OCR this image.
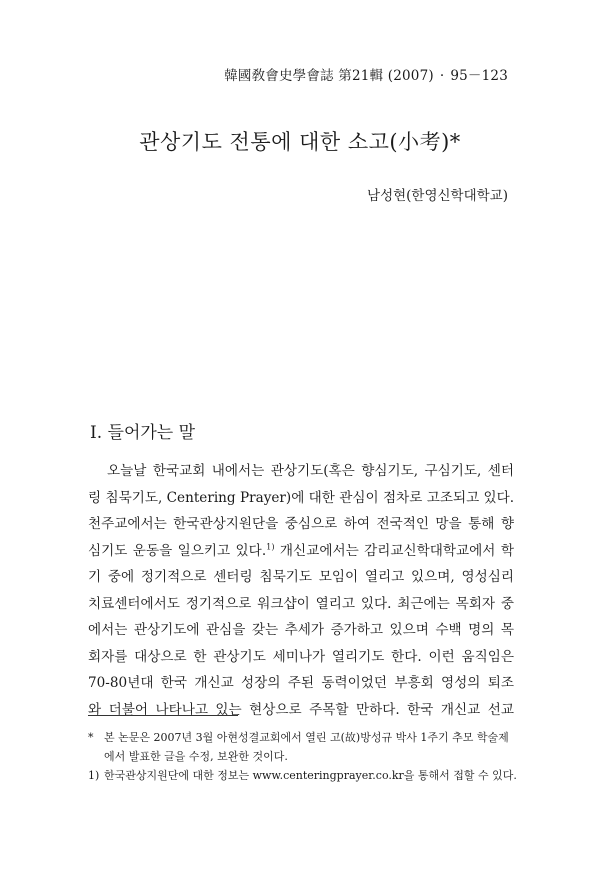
韓國敎會史學會誌 第21輯 (2007) · 95－123
관상기도 전통에 대한 소고(小考)*
남성현(한영신학대학교)
I. 들어가는 말
오늘날 한국교회 내에서는 관상기도(혹은 향심기도, 구심기도, 센터
링 침묵기도, Centering Prayer)에 대한 관심이 점차로 고조되고 있다.
천주교에서는 한국관상지원단을 중심으로 하여 전국적인 망을 통해 향
심기도 운동을 일으키고 있다.$^{1)}$ 개신교에서는 감리교신학대학교에서 학
기 중에 정기적으로 센터링 침묵기도 모임이 열리고 있으며, 영성심리
치료센터에서도 정기적으로 워크샵이 열리고 있다. 최근에는 목회자 중
에서는 관상기도에 관심을 갖는 추세가 증가하고 있으며 수백 명의 목
회자를 대상으로 한 관상기도 세미나가 열리기도 한다. 이런 움직임은
70-80년대 한국 개신교 성장의 주된 동력이었던 부흥회 영성의 퇴조
와 더불어 나타나고 있는 현상으로 주목할 만하다. 한국 개신교 선교
* 본 논문은 2007년 3월 아현성결교회에서 열린 고(故)방성규 박사 1주기 추모 학술제
에서 발표한 글을 수정, 보완한 것이다.
1) 한국관상지원단에 대한 정보는 www.centeringprayer.co.kr을 통해서 접할 수 있다.
